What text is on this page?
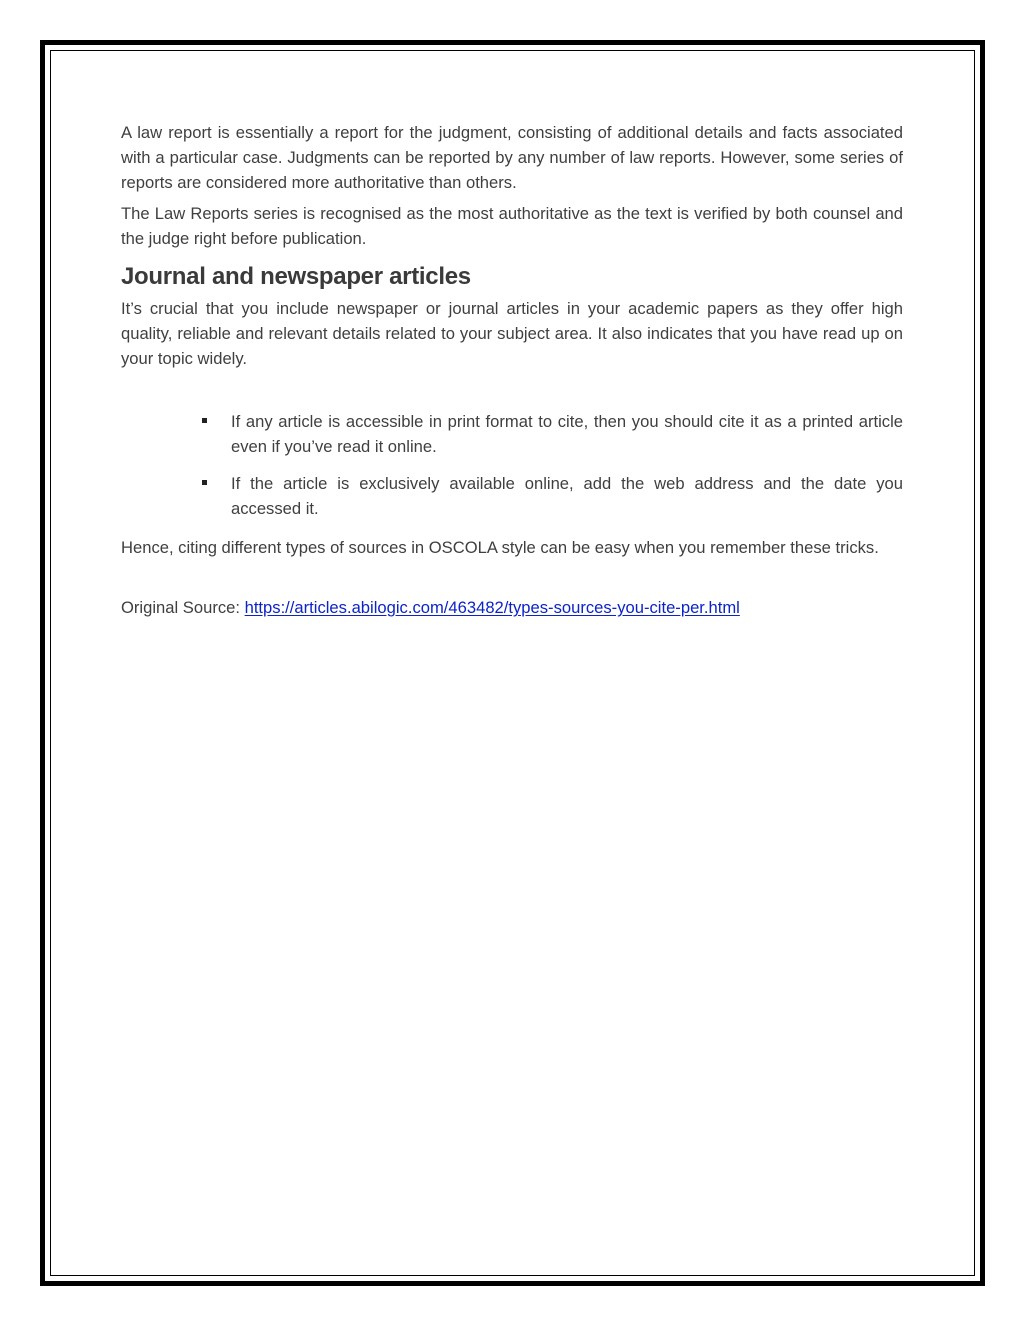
A law report is essentially a report for the judgment, consisting of additional details and facts associated with a particular case. Judgments can be reported by any number of law reports. However, some series of reports are considered more authoritative than others.

The Law Reports series is recognised as the most authoritative as the text is verified by both counsel and the judge right before publication.

Journal and newspaper articles

It’s crucial that you include newspaper or journal articles in your academic papers as they offer high quality, reliable and relevant details related to your subject area. It also indicates that you have read up on your topic widely.

If any article is accessible in print format to cite, then you should cite it as a printed article even if you’ve read it online.
If the article is exclusively available online, add the web address and the date you accessed it.

Hence, citing different types of sources in OSCOLA style can be easy when you remember these tricks.

Original Source: https://articles.abilogic.com/463482/types-sources-you-cite-per.html
